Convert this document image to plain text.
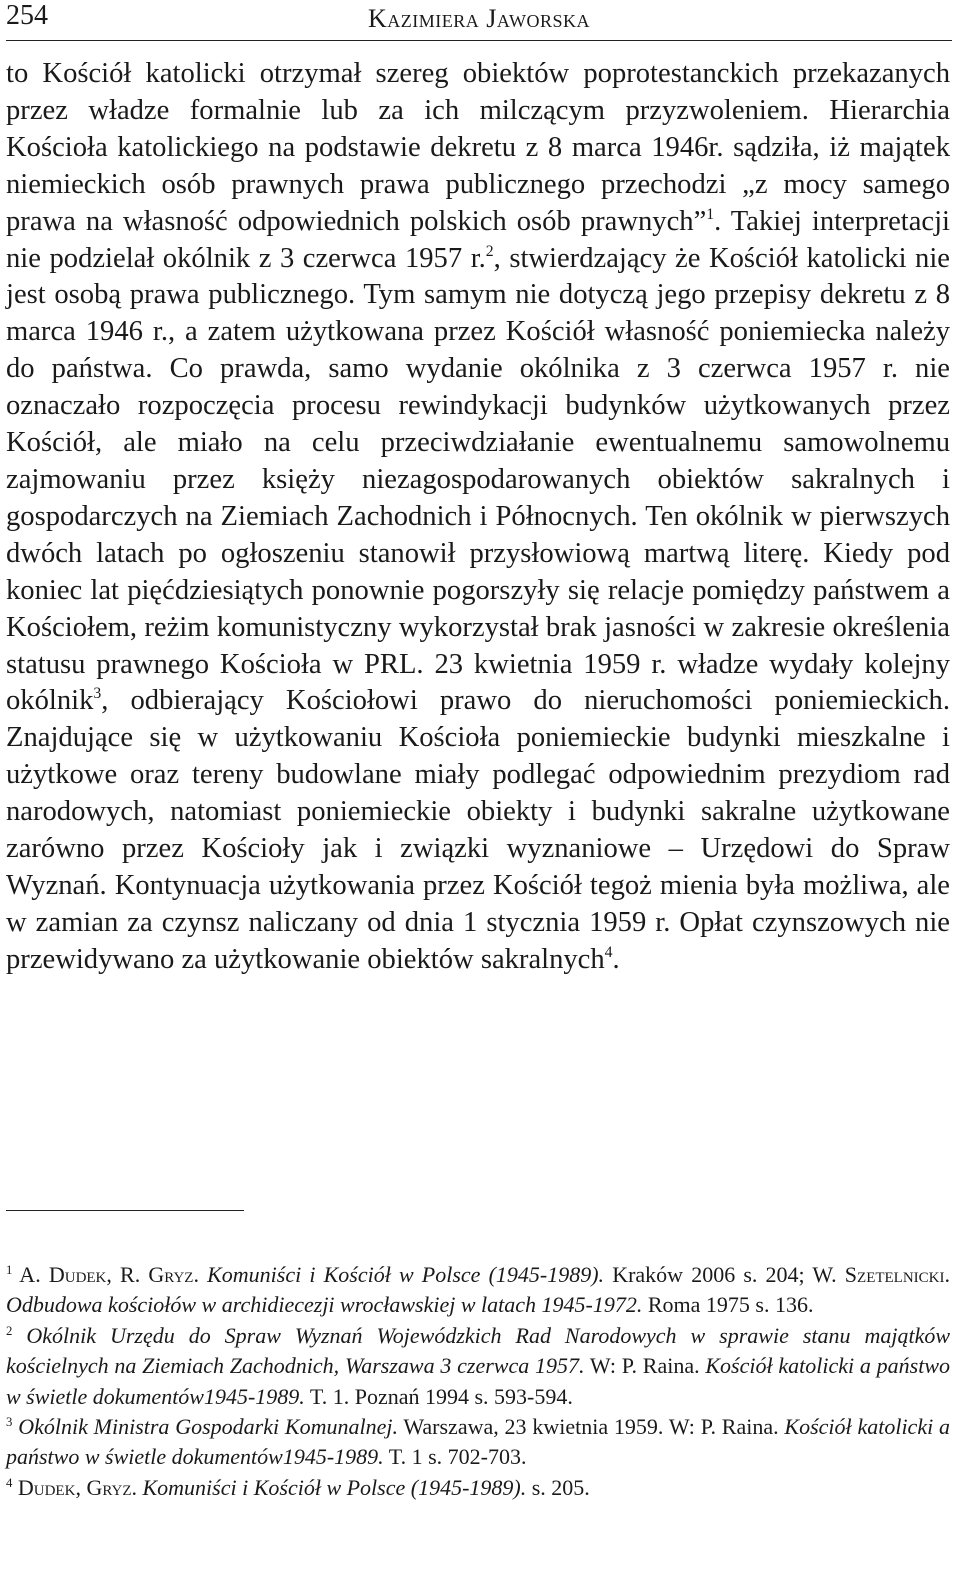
254	Kazimiera Jaworska

to Kościół katolicki otrzymał szereg obiektów poprotestanckich przekazanych przez władze formalnie lub za ich milczącym przyzwoleniem. Hierarchia Kościoła katolickiego na podstawie dekretu z 8 marca 1946r. sądziła, iż majątek niemieckich osób prawnych prawa publicznego przechodzi „z mocy samego prawa na własność odpowiednich polskich osób prawnych”$^1$. Takiej interpretacji nie podzielał okólnik z 3 czerwca 1957 r.$^2$, stwierdzający że Kościół katolicki nie jest osobą prawa publicznego. Tym samym nie dotyczą jego przepisy dekretu z 8 marca 1946 r., a zatem użytkowana przez Kościół własność poniemiecka należy do państwa. Co prawda, samo wydanie okólnika z 3 czerwca 1957 r. nie oznaczało rozpoczęcia procesu rewindykacji budynków użytkowanych przez Kościół, ale miało na celu przeciwdziałanie ewentualnemu samowolnemu zajmowaniu przez księży niezagospodarowanych obiektów sakralnych i gospodarczych na Ziemiach Zachodnich i Północnych. Ten okólnik w pierwszych dwóch latach po ogłoszeniu stanowił przysłowiową martwą literę. Kiedy pod koniec lat pięćdziesiątych ponownie pogorszyły się relacje pomiędzy państwem a Kościołem, reżim komunistyczny wykorzystał brak jasności w zakresie określenia statusu prawnego Kościoła w PRL. 23 kwietnia 1959 r. władze wydały kolejny okólnik$^3$, odbierający Kościołowi prawo do nieruchomości poniemieckich. Znajdujące się w użytkowaniu Kościoła poniemieckie budynki mieszkalne i użytkowe oraz tereny budowlane miały podlegać odpowiednim prezydiom rad narodowych, natomiast poniemieckie obiekty i budynki sakralne użytkowane zarówno przez Kościoły jak i związki wyznaniowe – Urzędowi do Spraw Wyznań. Kontynuacja użytkowania przez Kościół tegoż mienia była możliwa, ale w zamian za czynsz naliczany od dnia 1 stycznia 1959 r. Opłat czynszowych nie przewidywano za użytkowanie obiektów sakralnych$^4$.

$^1$ A. Dudek, R. Gryz. Komuniści i Kościół w Polsce (1945-1989). Kraków 2006 s. 204; W. Szetelnicki. Odbudowa kościołów w archidiecezji wrocławskiej w latach 1945-1972. Roma 1975 s. 136.

$^2$ Okólnik Urzędu do Spraw Wyznań Wojewódzkich Rad Narodowych w sprawie stanu majątków kościelnych na Ziemiach Zachodnich, Warszawa 3 czerwca 1957. W: P. Raina. Kościół katolicki a państwo w świetle dokumentów1945-1989. T. 1. Poznań 1994 s. 593-594.

$^3$ Okólnik Ministra Gospodarki Komunalnej. Warszawa, 23 kwietnia 1959. W: P. Raina. Kościół katolicki a państwo w świetle dokumentów1945-1989. T. 1 s. 702-703.

$^4$ Dudek, Gryz. Komuniści i Kościół w Polsce (1945-1989). s. 205.
